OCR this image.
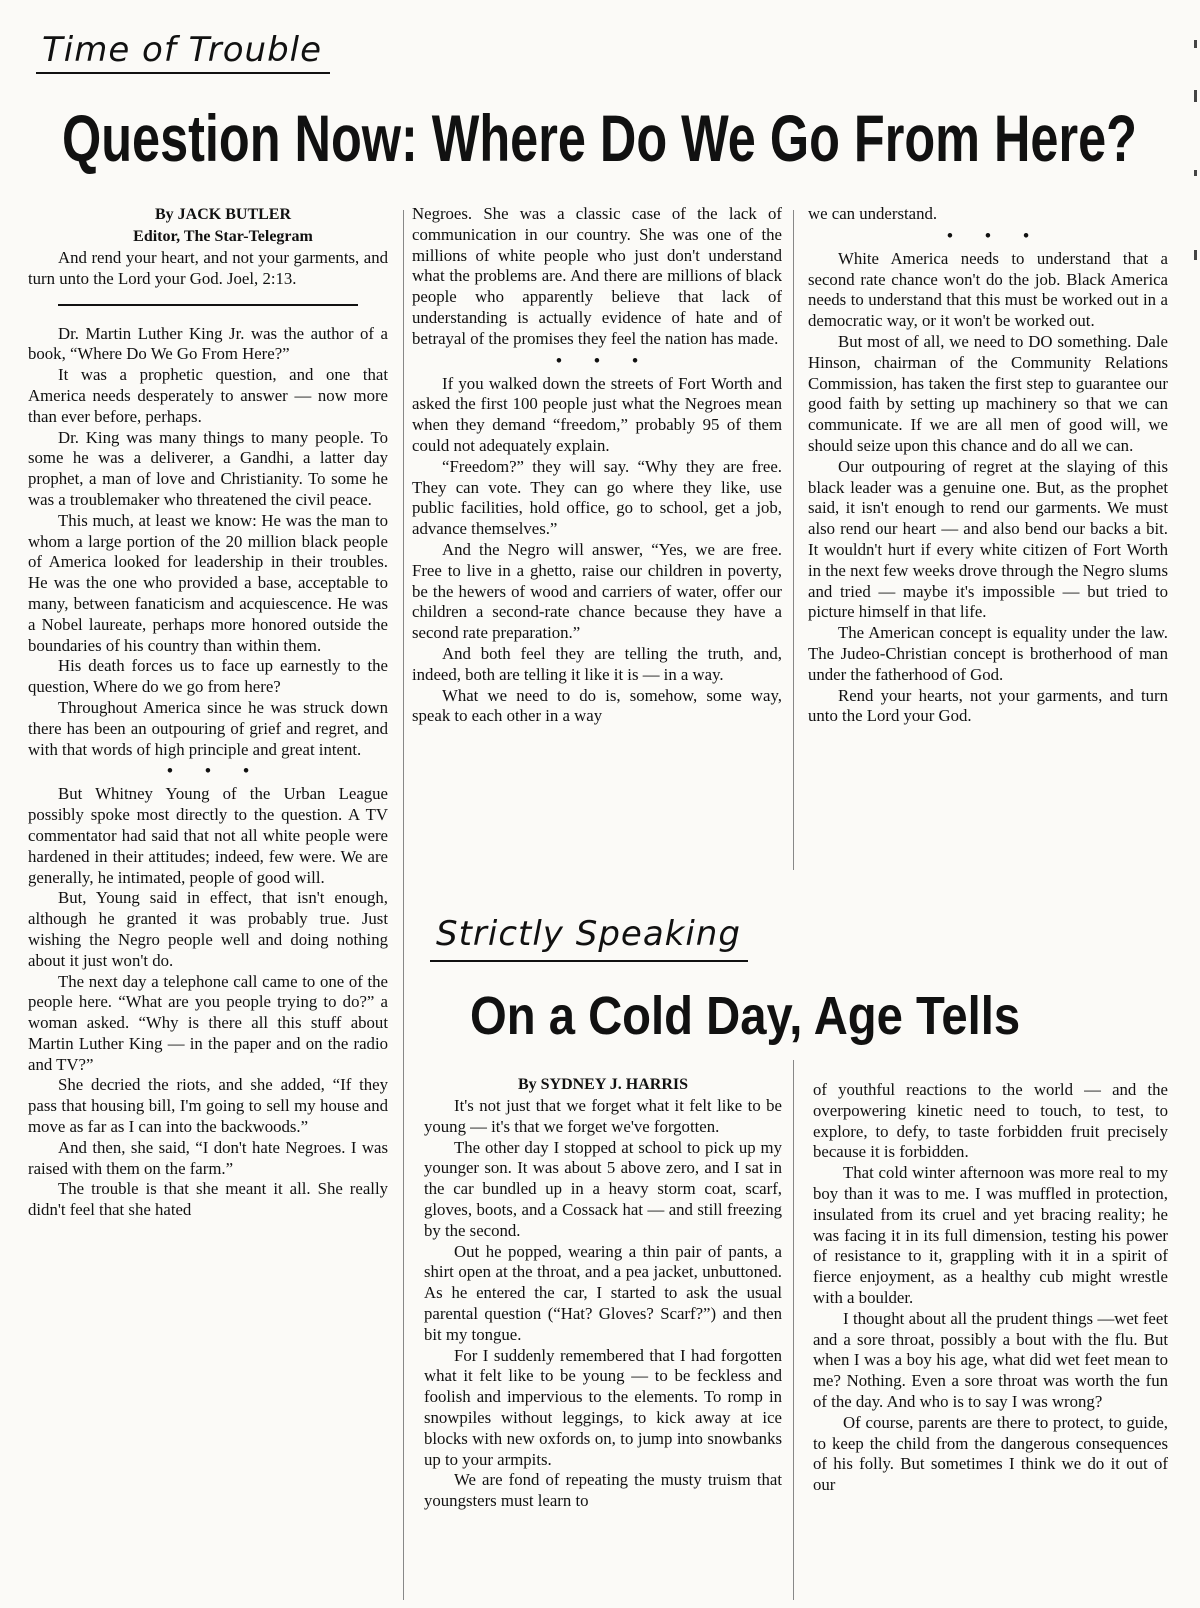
Time of Trouble
Question Now: Where Do We Go From Here?
By JACK BUTLER
Editor, The Star-Telegram

And rend your heart, and not your garments, and turn unto the Lord your God. Joel, 2:13.

Dr. Martin Luther King Jr. was the author of a book, “Where Do We Go From Here?”

It was a prophetic question, and one that America needs desperately to answer — now more than ever before, perhaps.

Dr. King was many things to many people. To some he was a deliverer, a Gandhi, a latter day prophet, a man of love and Christianity. To some he was a troublemaker who threatened the civil peace.

This much, at least we know: He was the man to whom a large portion of the 20 million black people of America looked for leadership in their troubles. He was the one who provided a base, acceptable to many, between fanaticism and acquiescence. He was a Nobel laureate, perhaps more honored outside the boundaries of his country than within them.

His death forces us to face up earnestly to the question, Where do we go from here?

Throughout America since he was struck down there has been an outpouring of grief and regret, and with that words of high principle and great intent.

• • •

But Whitney Young of the Urban League possibly spoke most directly to the question. A TV commentator had said that not all white people were hardened in their attitudes; indeed, few were. We are generally, he intimated, people of good will.

But, Young said in effect, that isn't enough, although he granted it was probably true. Just wishing the Negro people well and doing nothing about it just won't do.

The next day a telephone call came to one of the people here. “What are you people trying to do?” a woman asked. “Why is there all this stuff about Martin Luther King — in the paper and on the radio and TV?”

She decried the riots, and she added, “If they pass that housing bill, I'm going to sell my house and move as far as I can into the backwoods.”

And then, she said, “I don't hate Negroes. I was raised with them on the farm.”

The trouble is that she meant it all. She really didn't feel that she hated

Negroes. She was a classic case of the lack of communication in our country. She was one of the millions of white people who just don't understand what the problems are. And there are millions of black people who apparently believe that lack of understanding is actually evidence of hate and of betrayal of the promises they feel the nation has made.

• • •

If you walked down the streets of Fort Worth and asked the first 100 people just what the Negroes mean when they demand “freedom,” probably 95 of them could not adequately explain.

“Freedom?” they will say. “Why they are free. They can vote. They can go where they like, use public facilities, hold office, go to school, get a job, advance themselves.”

And the Negro will answer, “Yes, we are free. Free to live in a ghetto, raise our children in poverty, be the hewers of wood and carriers of water, offer our children a second-rate chance because they have a second rate preparation.”

And both feel they are telling the truth, and, indeed, both are telling it like it is — in a way.

What we need to do is, somehow, some way, speak to each other in a way

we can understand.

• • •

White America needs to understand that a second rate chance won't do the job. Black America needs to understand that this must be worked out in a democratic way, or it won't be worked out.

But most of all, we need to DO something. Dale Hinson, chairman of the Community Relations Commission, has taken the first step to guarantee our good faith by setting up machinery so that we can communicate. If we are all men of good will, we should seize upon this chance and do all we can.

Our outpouring of regret at the slaying of this black leader was a genuine one. But, as the prophet said, it isn't enough to rend our garments. We must also rend our heart — and also bend our backs a bit. It wouldn't hurt if every white citizen of Fort Worth in the next few weeks drove through the Negro slums and tried — maybe it's impossible — but tried to picture himself in that life.

The American concept is equality under the law. The Judeo-Christian concept is brotherhood of man under the fatherhood of God.

Rend your hearts, not your garments, and turn unto the Lord your God.

Strictly Speaking
On a Cold Day, Age Tells
By SYDNEY J. HARRIS

It's not just that we forget what it felt like to be young — it's that we forget we've forgotten.

The other day I stopped at school to pick up my younger son. It was about 5 above zero, and I sat in the car bundled up in a heavy storm coat, scarf, gloves, boots, and a Cossack hat — and still freezing by the second.

Out he popped, wearing a thin pair of pants, a shirt open at the throat, and a pea jacket, unbuttoned. As he entered the car, I started to ask the usual parental question (“Hat? Gloves? Scarf?”) and then bit my tongue.

For I suddenly remembered that I had forgotten what it felt like to be young — to be feckless and foolish and impervious to the elements. To romp in snowpiles without leggings, to kick away at ice blocks with new oxfords on, to jump into snowbanks up to your armpits.

We are fond of repeating the musty truism that youngsters must learn to

of youthful reactions to the world — and the overpowering kinetic need to touch, to test, to explore, to defy, to taste forbidden fruit precisely because it is forbidden.

That cold winter afternoon was more real to my boy than it was to me. I was muffled in protection, insulated from its cruel and yet bracing reality; he was facing it in its full dimension, testing his power of resistance to it, grappling with it in a spirit of fierce enjoyment, as a healthy cub might wrestle with a boulder.

I thought about all the prudent things —wet feet and a sore throat, possibly a bout with the flu. But when I was a boy his age, what did wet feet mean to me? Nothing. Even a sore throat was worth the fun of the day. And who is to say I was wrong?

Of course, parents are there to protect, to guide, to keep the child from the dangerous consequences of his folly. But sometimes I think we do it out of our
